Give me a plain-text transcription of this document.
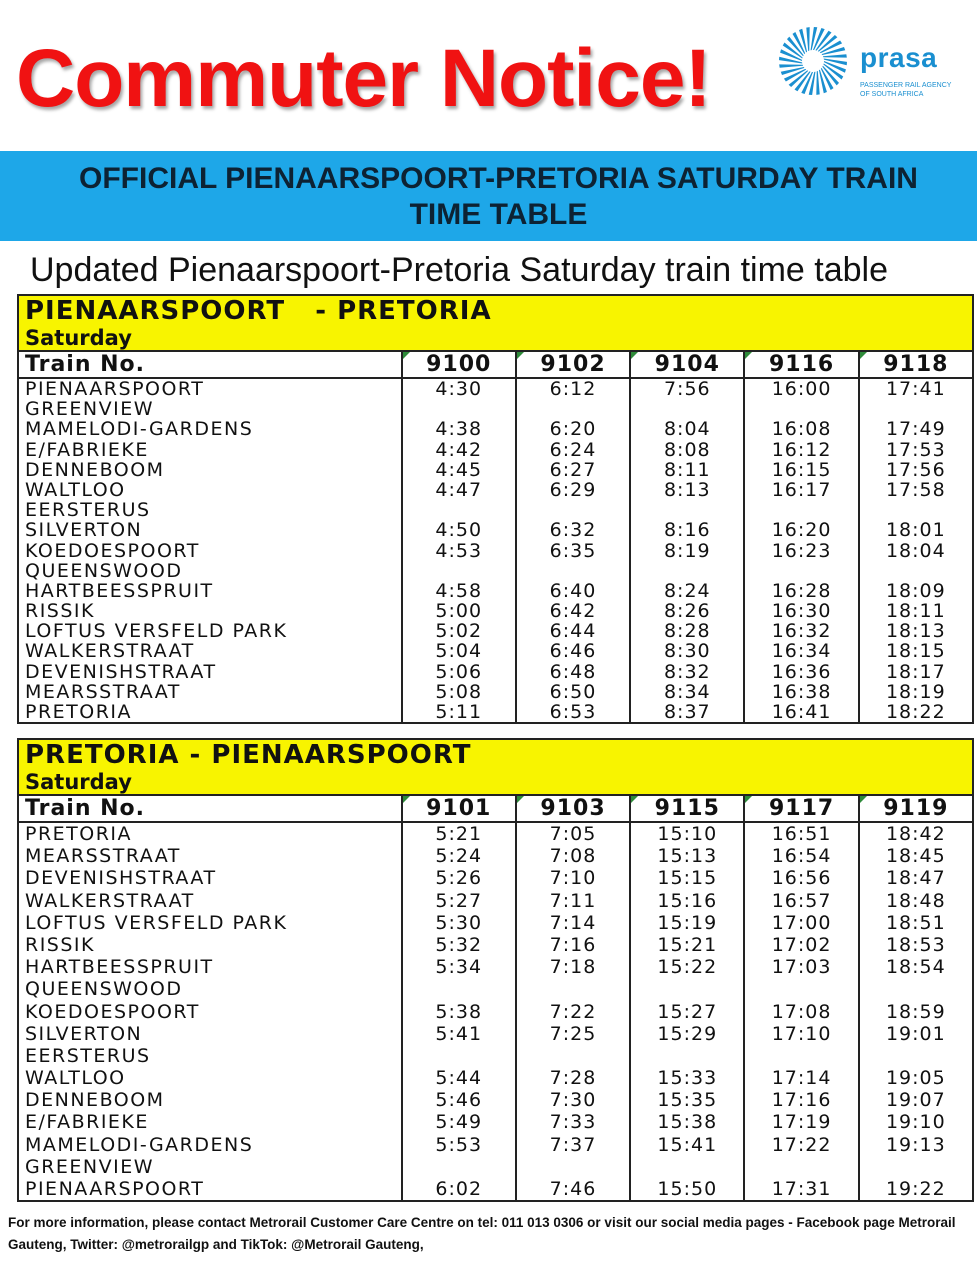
Commuter Notice!	prasa
PASSENGER RAIL AGENCY
OF SOUTH AFRICA
OFFICIAL PIENAARSPOORT-PRETORIA SATURDAY TRAIN TIME TABLE

Updated Pienaarspoort-Pretoria Saturday train time table

PIENAARSPOORT   - PRETORIA
Saturday
Train No.	9100	9102	9104	9116	9118
PIENAARSPOORT	4:30	6:12	7:56	16:00	17:41
GREENVIEW
MAMELODI-GARDENS	4:38	6:20	8:04	16:08	17:49
E/FABRIEKE	4:42	6:24	8:08	16:12	17:53
DENNEBOOM	4:45	6:27	8:11	16:15	17:56
WALTLOO	4:47	6:29	8:13	16:17	17:58
EERSTERUS
SILVERTON	4:50	6:32	8:16	16:20	18:01
KOEDOESPOORT	4:53	6:35	8:19	16:23	18:04
QUEENSWOOD
HARTBEESSPRUIT	4:58	6:40	8:24	16:28	18:09
RISSIK	5:00	6:42	8:26	16:30	18:11
LOFTUS VERSFELD PARK	5:02	6:44	8:28	16:32	18:13
WALKERSTRAAT	5:04	6:46	8:30	16:34	18:15
DEVENISHSTRAAT	5:06	6:48	8:32	16:36	18:17
MEARSSTRAAT	5:08	6:50	8:34	16:38	18:19
PRETORIA	5:11	6:53	8:37	16:41	18:22
PRETORIA - PIENAARSPOORT
Saturday
Train No.	9101	9103	9115	9117	9119
PRETORIA	5:21	7:05	15:10	16:51	18:42
MEARSSTRAAT	5:24	7:08	15:13	16:54	18:45
DEVENISHSTRAAT	5:26	7:10	15:15	16:56	18:47
WALKERSTRAAT	5:27	7:11	15:16	16:57	18:48
LOFTUS VERSFELD PARK	5:30	7:14	15:19	17:00	18:51
RISSIK	5:32	7:16	15:21	17:02	18:53
HARTBEESSPRUIT	5:34	7:18	15:22	17:03	18:54
QUEENSWOOD
KOEDOESPOORT	5:38	7:22	15:27	17:08	18:59
SILVERTON	5:41	7:25	15:29	17:10	19:01
EERSTERUS
WALTLOO	5:44	7:28	15:33	17:14	19:05
DENNEBOOM	5:46	7:30	15:35	17:16	19:07
E/FABRIEKE	5:49	7:33	15:38	17:19	19:10
MAMELODI-GARDENS	5:53	7:37	15:41	17:22	19:13
GREENVIEW
PIENAARSPOORT	6:02	7:46	15:50	17:31	19:22

For more information, please contact Metrorail Customer Care Centre on tel: 011 013 0306 or visit our social media pages - Facebook page Metrorail Gauteng, Twitter: @metrorailgp and TikTok: @Metrorail Gauteng,
